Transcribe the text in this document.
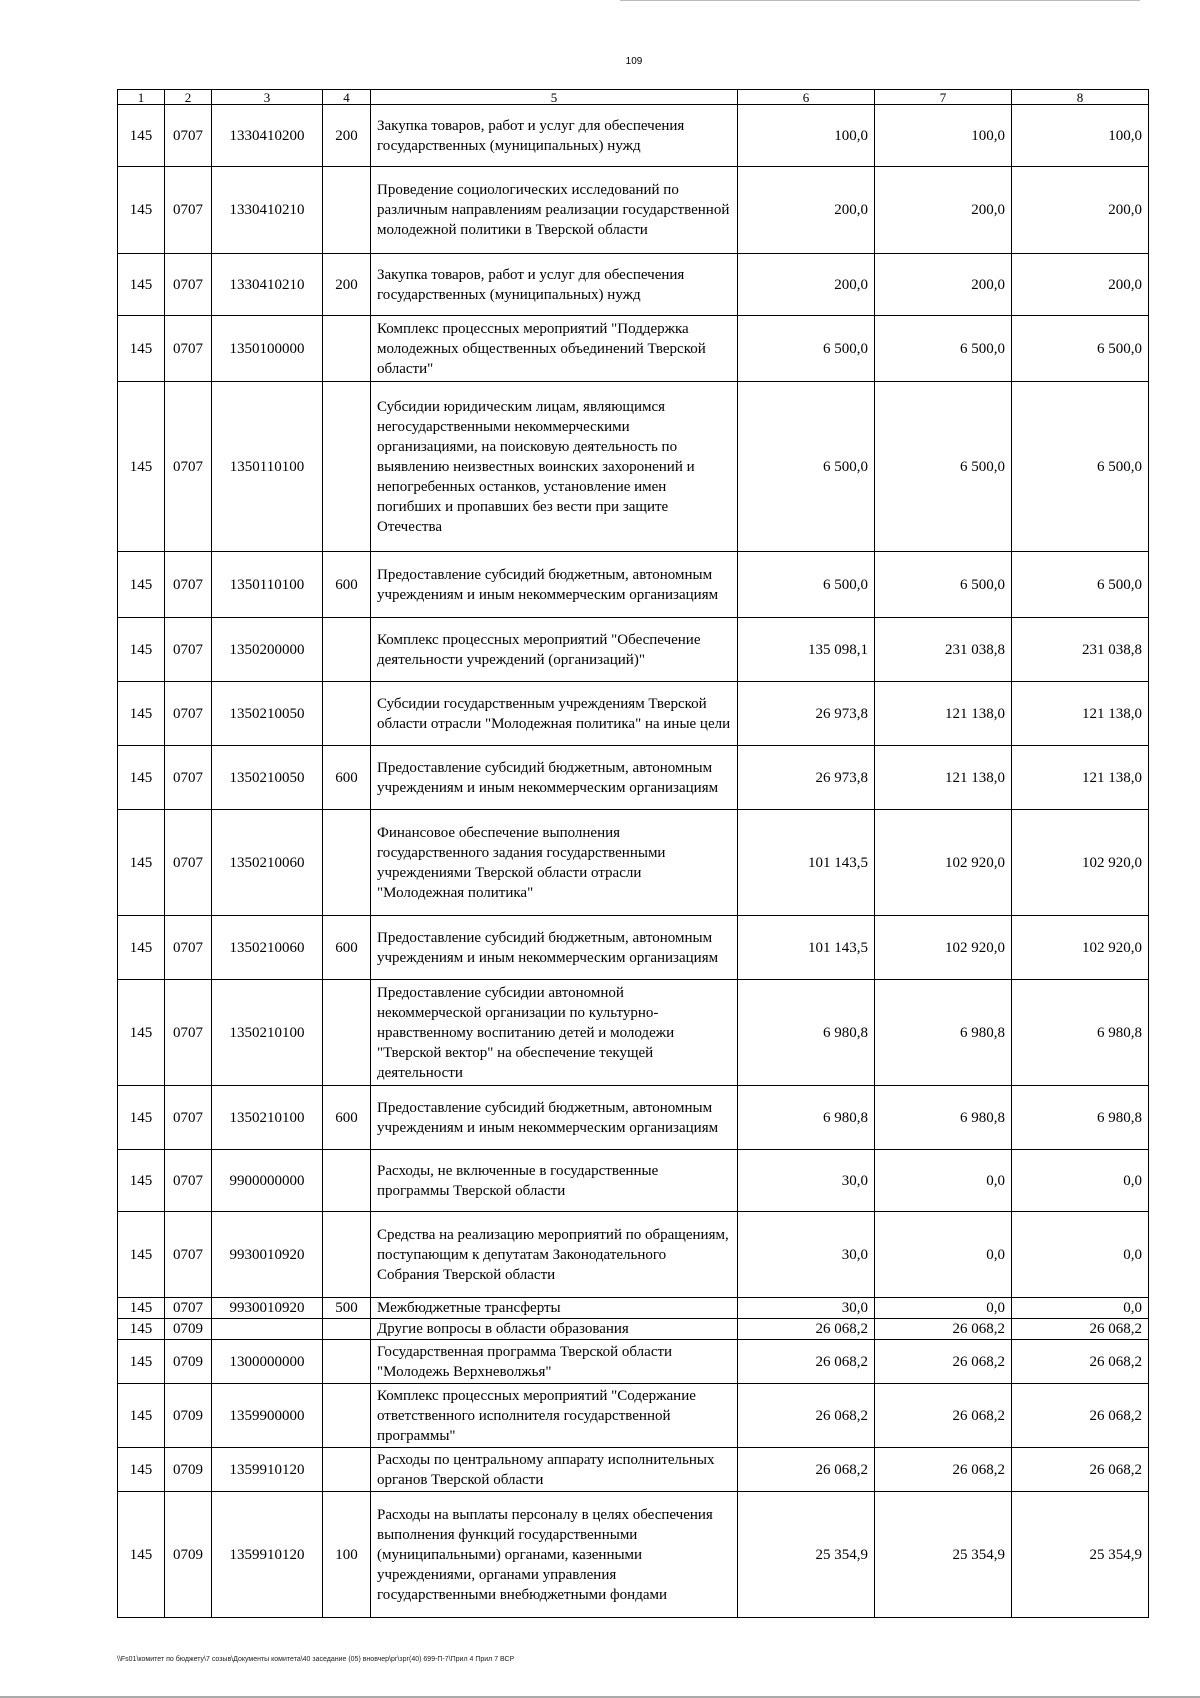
109
1	2	3	4	5	6	7	8
145	0707	1330410200	200	Закупка товаров, работ и услуг для обеспечения государственных (муниципальных) нужд	100,0	100,0	100,0
145	0707	1330410210		Проведение социологических исследований по различным направлениям реализации государственной молодежной политики в Тверской области	200,0	200,0	200,0
145	0707	1330410210	200	Закупка товаров, работ и услуг для обеспечения государственных (муниципальных) нужд	200,0	200,0	200,0
145	0707	1350100000		Комплекс процессных мероприятий "Поддержка молодежных общественных объединений Тверской области"	6 500,0	6 500,0	6 500,0
145	0707	1350110100		Субсидии юридическим лицам, являющимся негосударственными некоммерческими организациями, на поисковую деятельность по выявлению неизвестных воинских захоронений и непогребенных останков, установление имен погибших и пропавших без вести при защите Отечества	6 500,0	6 500,0	6 500,0
145	0707	1350110100	600	Предоставление субсидий бюджетным, автономным учреждениям и иным некоммерческим организациям	6 500,0	6 500,0	6 500,0
145	0707	1350200000		Комплекс процессных мероприятий "Обеспечение деятельности учреждений (организаций)"	135 098,1	231 038,8	231 038,8
145	0707	1350210050		Субсидии государственным учреждениям Тверской области отрасли "Молодежная политика" на иные цели	26 973,8	121 138,0	121 138,0
145	0707	1350210050	600	Предоставление субсидий бюджетным, автономным учреждениям и иным некоммерческим организациям	26 973,8	121 138,0	121 138,0
145	0707	1350210060		Финансовое обеспечение выполнения государственного задания государственными учреждениями Тверской области отрасли "Молодежная политика"	101 143,5	102 920,0	102 920,0
145	0707	1350210060	600	Предоставление субсидий бюджетным, автономным учреждениям и иным некоммерческим организациям	101 143,5	102 920,0	102 920,0
145	0707	1350210100		Предоставление субсидии автономной некоммерческой организации по культурно-нравственному воспитанию детей и молодежи "Тверской вектор" на обеспечение текущей деятельности	6 980,8	6 980,8	6 980,8
145	0707	1350210100	600	Предоставление субсидий бюджетным, автономным учреждениям и иным некоммерческим организациям	6 980,8	6 980,8	6 980,8
145	0707	9900000000		Расходы, не включенные в государственные программы Тверской области	30,0	0,0	0,0
145	0707	9930010920		Средства на реализацию мероприятий по обращениям, поступающим к депутатам Законодательного Собрания Тверской области	30,0	0,0	0,0
145	0707	9930010920	500	Межбюджетные трансферты	30,0	0,0	0,0
145	0709			Другие вопросы в области образования	26 068,2	26 068,2	26 068,2
145	0709	1300000000		Государственная программа Тверской области "Молодежь Верхневолжья"	26 068,2	26 068,2	26 068,2
145	0709	1359900000		Комплекс процессных мероприятий "Содержание ответственного исполнителя государственной программы"	26 068,2	26 068,2	26 068,2
145	0709	1359910120		Расходы по центральному аппарату исполнительных органов Тверской области	26 068,2	26 068,2	26 068,2
145	0709	1359910120	100	Расходы на выплаты персоналу в целях обеспечения выполнения функций государственными (муниципальными) органами, казенными учреждениями, органами управления государственными внебюджетными фондами	25 354,9	25 354,9	25 354,9
\\Fs01\комитет по бюджету\7 созыв\Документы комитета\40 заседание (05) вновчер\рг\зрг(40) 699-П-7\Прил 4 Прил 7 ВСР
